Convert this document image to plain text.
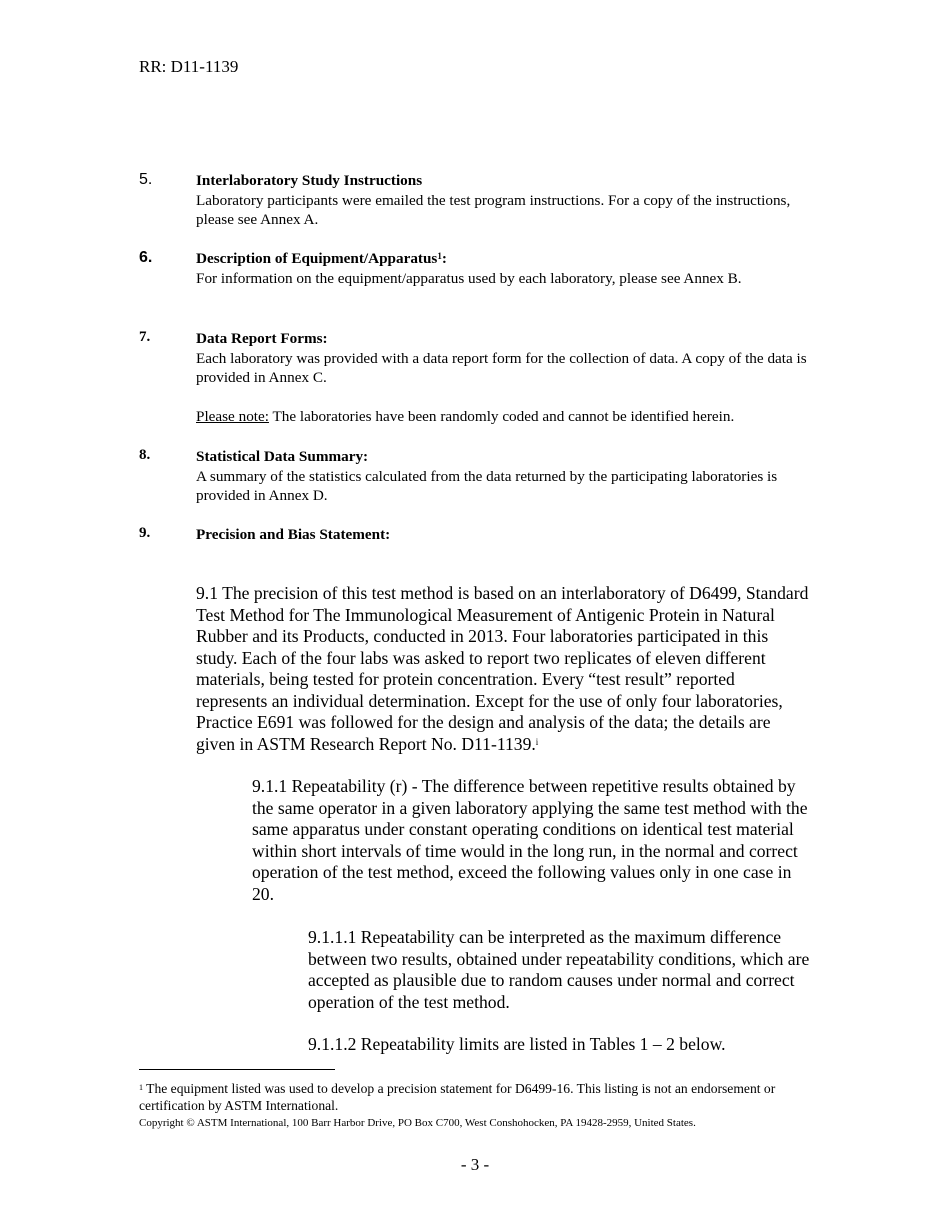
RR: D11-1139
5.	Interlaboratory Study Instructions
Laboratory participants were emailed the test program instructions. For a copy of the instructions, please see Annex A.
6.	Description of Equipment/Apparatus$^1$:
For information on the equipment/apparatus used by each laboratory, please see Annex B.
7.	Data Report Forms:
Each laboratory was provided with a data report form for the collection of data. A copy of the data is provided in Annex C.
Please note: The laboratories have been randomly coded and cannot be identified herein.
8.	Statistical Data Summary:
A summary of the statistics calculated from the data returned by the participating laboratories is provided in Annex D.
9.	Precision and Bias Statement:
9.1 The precision of this test method is based on an interlaboratory of D6499, Standard Test Method for The Immunological Measurement of Antigenic Protein in Natural Rubber and its Products, conducted in 2013. Four laboratories participated in this study. Each of the four labs was asked to report two replicates of eleven different materials, being tested for protein concentration. Every “test result” reported represents an individual determination. Except for the use of only four laboratories, Practice E691 was followed for the design and analysis of the data; the details are given in ASTM Research Report No. D11-1139.$^i$
9.1.1 Repeatability (r) - The difference between repetitive results obtained by the same operator in a given laboratory applying the same test method with the same apparatus under constant operating conditions on identical test material within short intervals of time would in the long run, in the normal and correct operation of the test method, exceed the following values only in one case in 20.
9.1.1.1 Repeatability can be interpreted as the maximum difference between two results, obtained under repeatability conditions, which are accepted as plausible due to random causes under normal and correct operation of the test method.
9.1.1.2 Repeatability limits are listed in Tables 1 – 2 below.
$^1$ The equipment listed was used to develop a precision statement for D6499-16. This listing is not an endorsement or certification by ASTM International.
Copyright © ASTM International, 100 Barr Harbor Drive, PO Box C700, West Conshohocken, PA 19428-2959, United States.
- 3 -
